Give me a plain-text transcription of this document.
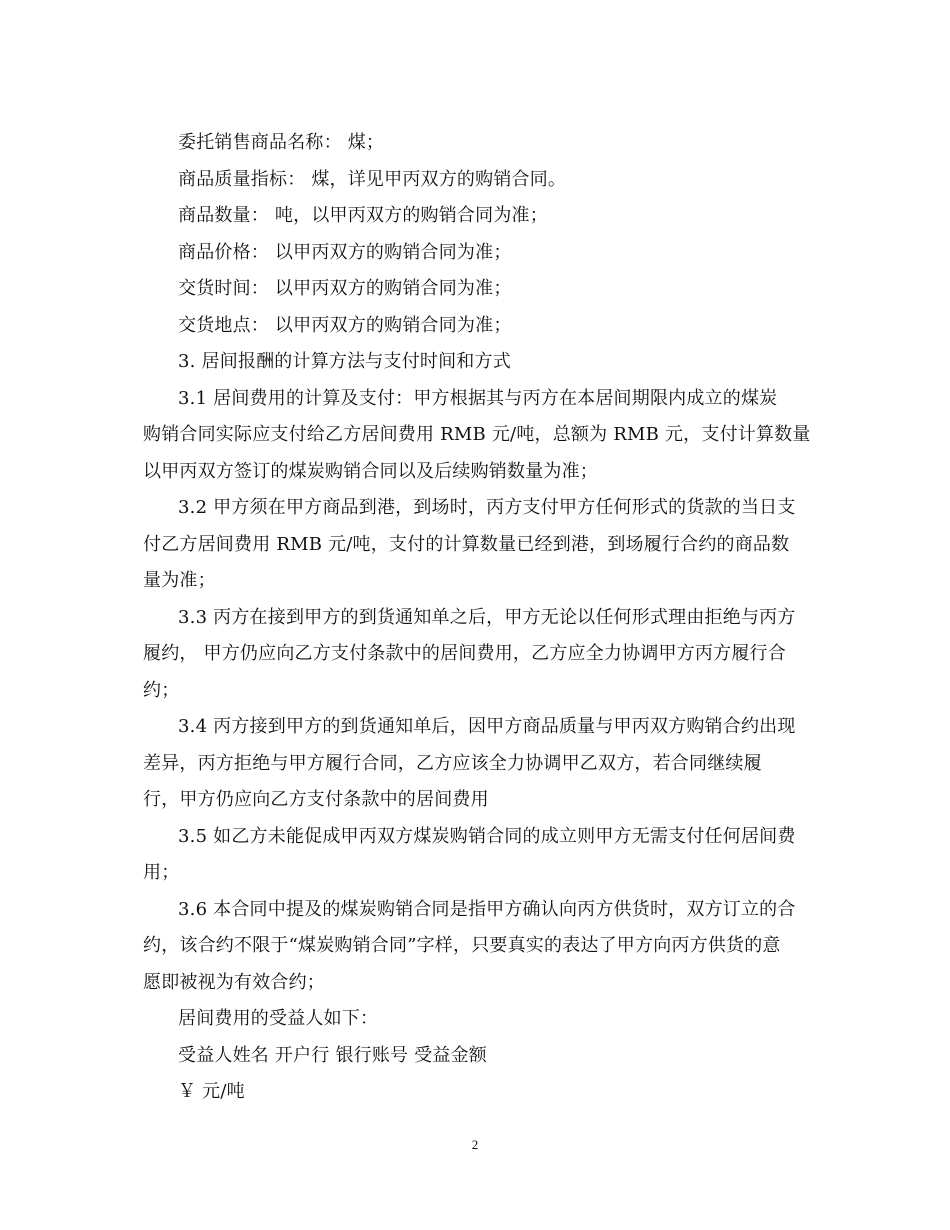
委托销售商品名称： 煤；
商品质量指标： 煤，详见甲丙双方的购销合同。
商品数量： 吨，以甲丙双方的购销合同为准；
商品价格： 以甲丙双方的购销合同为准；
交货时间： 以甲丙双方的购销合同为准；
交货地点： 以甲丙双方的购销合同为准；
3. 居间报酬的计算方法与支付时间和方式
3.1 居间费用的计算及支付：甲方根据其与丙方在本居间期限内成立的煤炭
购销合同实际应支付给乙方居间费用 RMB 元/吨，总额为 RMB 元，支付计算数量
以甲丙双方签订的煤炭购销合同以及后续购销数量为准；
3.2 甲方须在甲方商品到港，到场时，丙方支付甲方任何形式的货款的当日支
付乙方居间费用 RMB 元/吨，支付的计算数量已经到港，到场履行合约的商品数
量为准；
3.3 丙方在接到甲方的到货通知单之后，甲方无论以任何形式理由拒绝与丙方
履约， 甲方仍应向乙方支付条款中的居间费用，乙方应全力协调甲方丙方履行合
约；
3.4 丙方接到甲方的到货通知单后，因甲方商品质量与甲丙双方购销合约出现
差异，丙方拒绝与甲方履行合同，乙方应该全力协调甲乙双方，若合同继续履
行，甲方仍应向乙方支付条款中的居间费用
3.5 如乙方未能促成甲丙双方煤炭购销合同的成立则甲方无需支付任何居间费
用；
3.6 本合同中提及的煤炭购销合同是指甲方确认向丙方供货时，双方订立的合
约，该合约不限于“煤炭购销合同”字样，只要真实的表达了甲方向丙方供货的意
愿即被视为有效合约；
居间费用的受益人如下：
受益人姓名 开户行 银行账号 受益金额
￥ 元/吨
2
